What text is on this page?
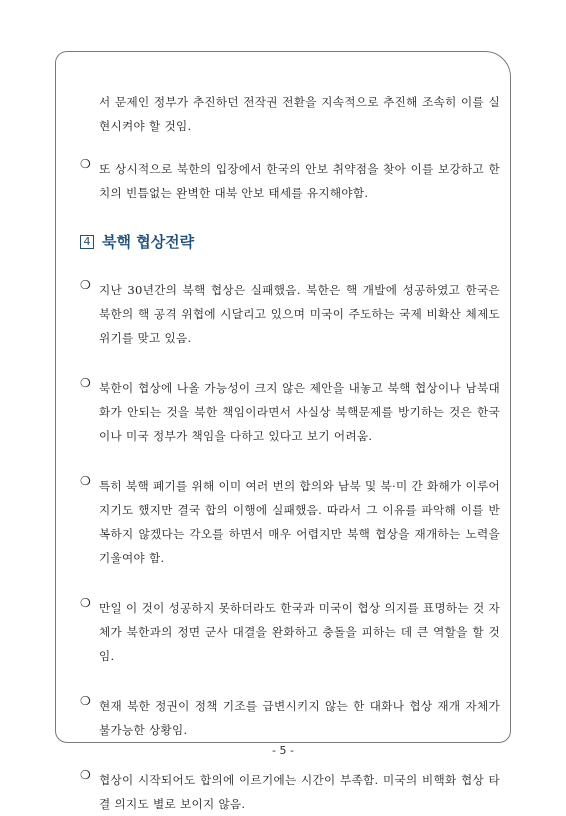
서 문제인 정부가 추진하던 전작권 전환을 지속적으로 추진해 조속히 이를 실현시켜야 할 것임.

❍ 또 상시적으로 북한의 입장에서 한국의 안보 취약점을 찾아 이를 보강하고 한치의 빈틈없는 완벽한 대북 안보 태세를 유지해야함.

4 북핵 협상전략
❍ 지난 30년간의 북핵 협상은 실패했음. 북한은 핵 개발에 성공하였고 한국은 북한의 핵 공격 위협에 시달리고 있으며 미국이 주도하는 국제 비확산 체제도 위기를 맞고 있음.

❍ 북한이 협상에 나올 가능성이 크지 않은 제안을 내놓고 북핵 협상이나 남북대화가 안되는 것을 북한 책임이라면서 사실상 북핵문제를 방기하는 것은 한국이나 미국 정부가 책임을 다하고 있다고 보기 어려움.

❍ 특히 북핵 폐기를 위해 이미 여러 번의 합의와 남북 및 북·미 간 화해가 이루어지기도 했지만 결국 합의 이행에 실패했음. 따라서 그 이유를 파악해 이를 반복하지 않겠다는 각오를 하면서 매우 어렵지만 북핵 협상을 재개하는 노력을 기울여야 함.

❍ 만일 이 것이 성공하지 못하더라도 한국과 미국이 협상 의지를 표명하는 것 자체가 북한과의 정면 군사 대결을 완화하고 충돌을 피하는 데 큰 역할을 할 것임.

❍ 현재 북한 정권이 정책 기조를 급변시키지 않는 한 대화나 협상 재개 자체가 불가능한 상황임.

❍ 협상이 시작되어도 합의에 이르기에는 시간이 부족함. 미국의 비핵화 협상 타결 의지도 별로 보이지 않음.

- 5 -
